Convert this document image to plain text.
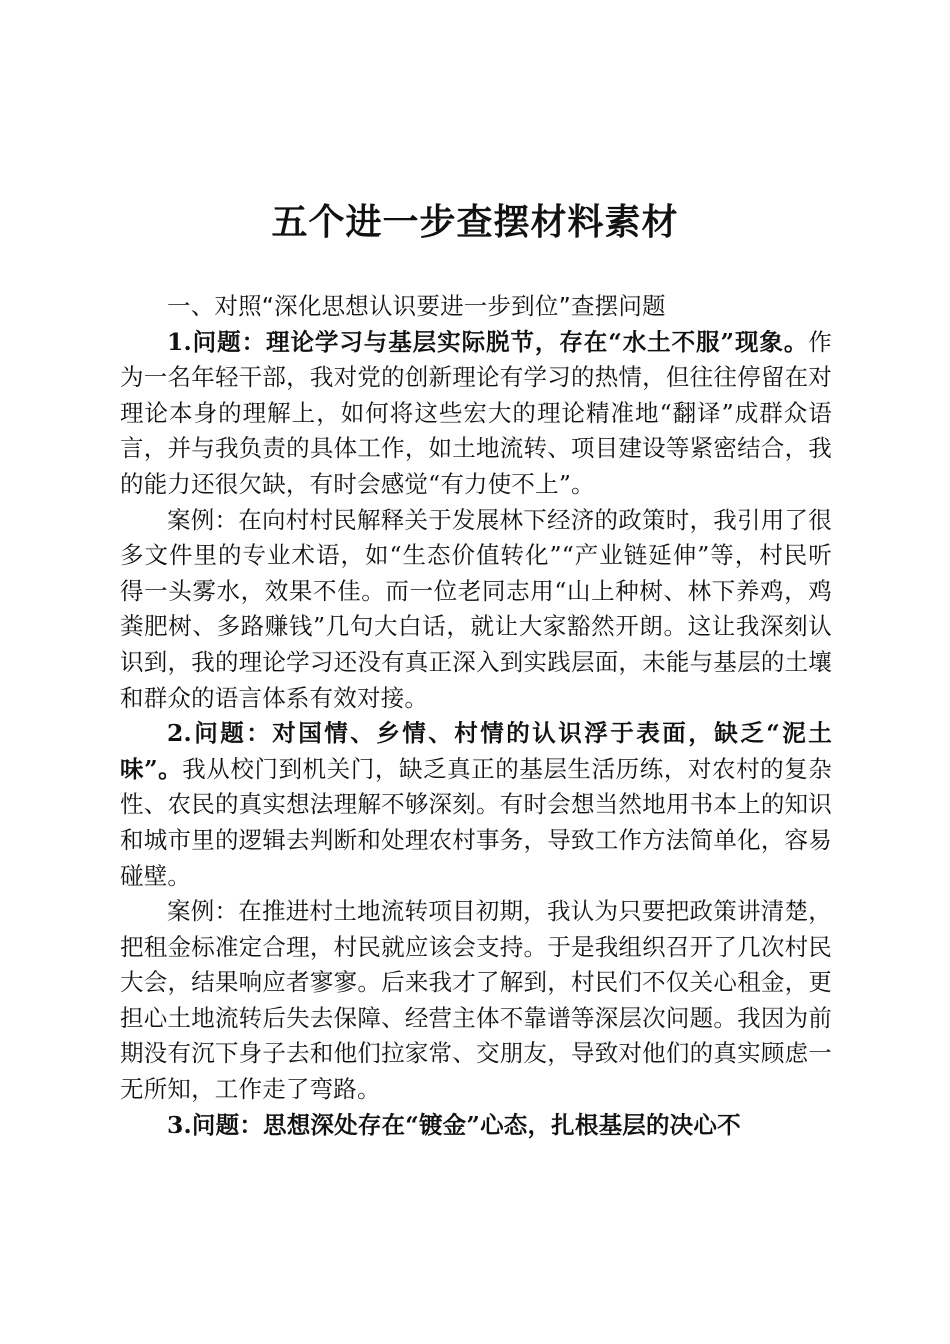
五个进一步查摆材料素材

一、对照“深化思想认识要进一步到位”查摆问题

1.问题：理论学习与基层实际脱节，存在“水土不服”现象。作为一名年轻干部，我对党的创新理论有学习的热情，但往往停留在对理论本身的理解上，如何将这些宏大的理论精准地“翻译”成群众语言，并与我负责的具体工作，如土地流转、项目建设等紧密结合，我的能力还很欠缺，有时会感觉“有力使不上”。

案例：在向村村民解释关于发展林下经济的政策时，我引用了很多文件里的专业术语，如“生态价值转化”“产业链延伸”等，村民听得一头雾水，效果不佳。而一位老同志用“山上种树、林下养鸡，鸡粪肥树、多路赚钱”几句大白话，就让大家豁然开朗。这让我深刻认识到，我的理论学习还没有真正深入到实践层面，未能与基层的土壤和群众的语言体系有效对接。

2.问题：对国情、乡情、村情的认识浮于表面，缺乏“泥土味”。我从校门到机关门，缺乏真正的基层生活历练，对农村的复杂性、农民的真实想法理解不够深刻。有时会想当然地用书本上的知识和城市里的逻辑去判断和处理农村事务，导致工作方法简单化，容易碰壁。

案例：在推进村土地流转项目初期，我认为只要把政策讲清楚，把租金标准定合理，村民就应该会支持。于是我组织召开了几次村民大会，结果响应者寥寥。后来我才了解到，村民们不仅关心租金，更担心土地流转后失去保障、经营主体不靠谱等深层次问题。我因为前期没有沉下身子去和他们拉家常、交朋友，导致对他们的真实顾虑一无所知，工作走了弯路。

3.问题：思想深处存在“镀金”心态，扎根基层的决心不
